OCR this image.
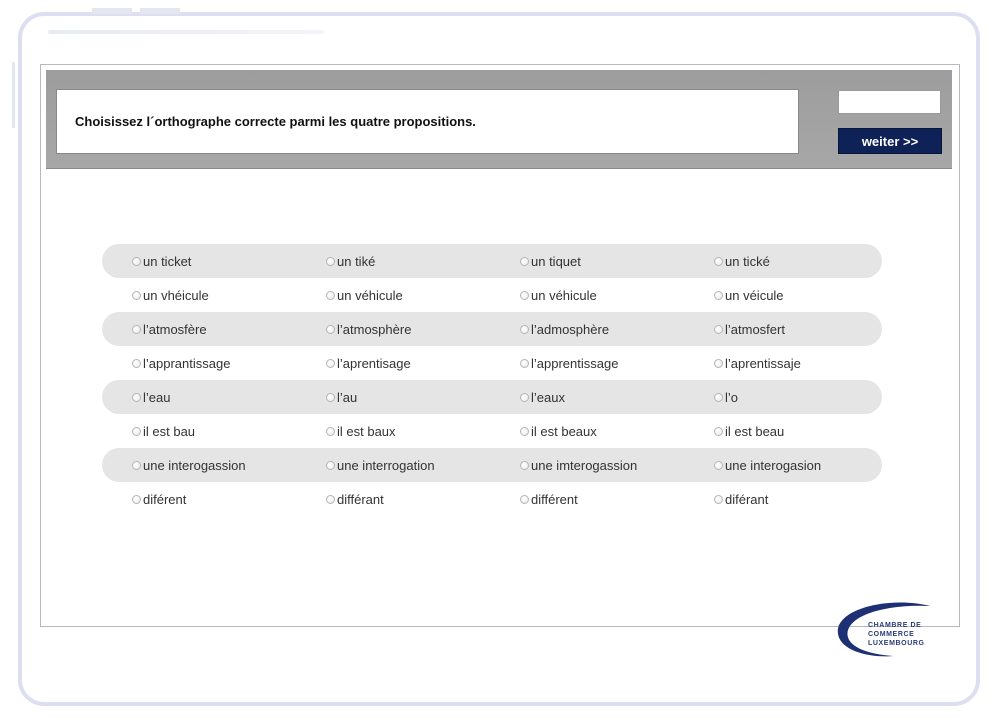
Choisissez l´orthographe correcte parmi les quatre propositions.
weiter >>
un ticket	un tiké	un tiquet	un tické
un vhéicule	un véhicule	un véhicule	un véicule
l’atmosfère	l’atmosphère	l’admosphère	l’atmosfert
l’apprantissage	l’aprentisage	l’apprentissage	l’aprentissaje
l’eau	l’au	l’eaux	l’o
il est bau	il est baux	il est beaux	il est beau
une interogassion	une interrogation	une imterogassion	une interogasion
diférent	différant	différent	diférant
CHAMBRE DE
COMMERCE
LUXEMBOURG
